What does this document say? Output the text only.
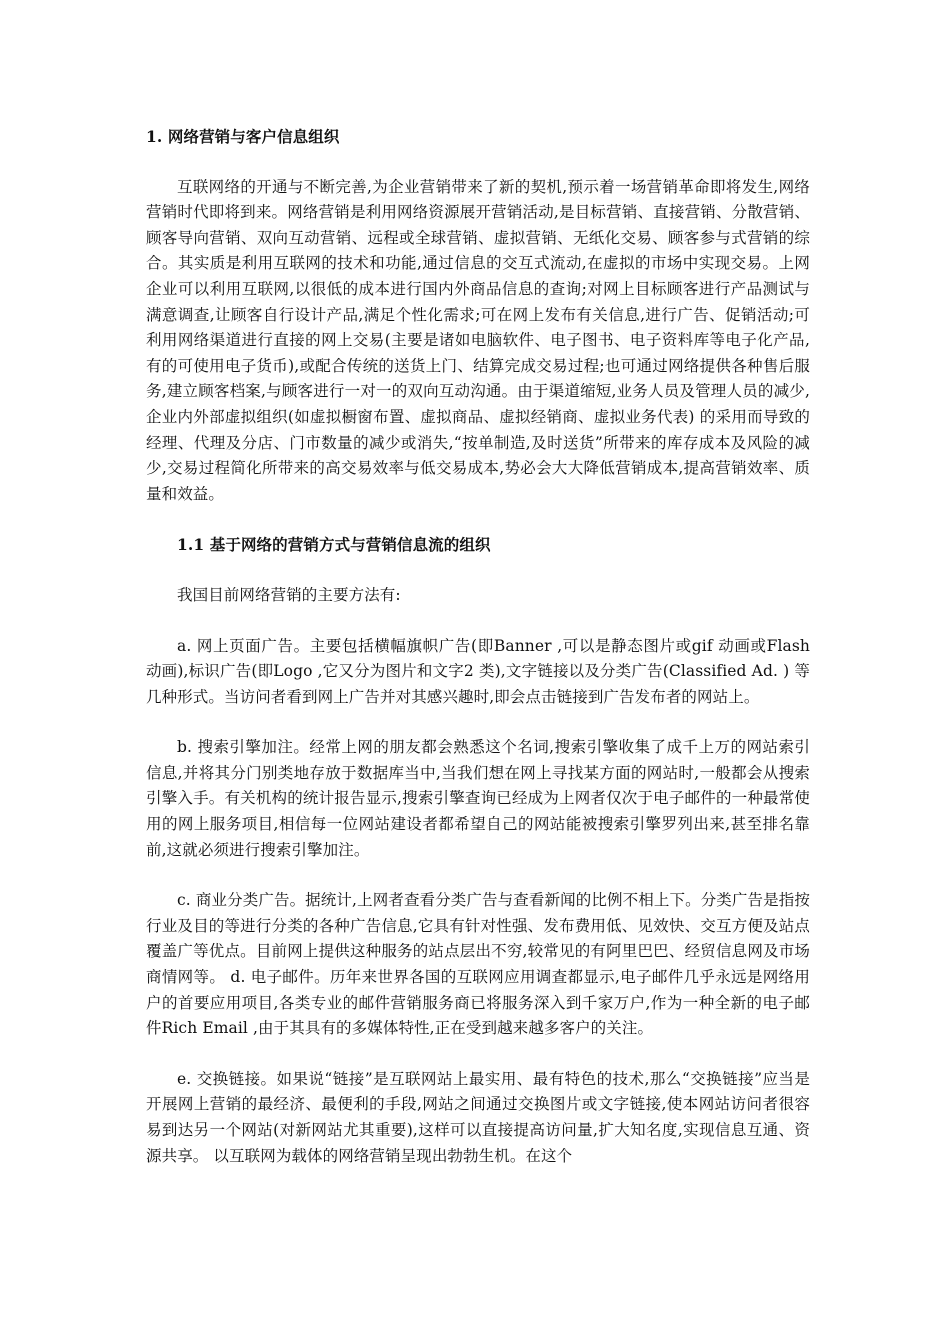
1. 网络营销与客户信息组织

互联网络的开通与不断完善,为企业营销带来了新的契机,预示着一场营销革命即将发生,网络营销时代即将到来。网络营销是利用网络资源展开营销活动,是目标营销、直接营销、分散营销、顾客导向营销、双向互动营销、远程或全球营销、虚拟营销、无纸化交易、顾客参与式营销的综合。其实质是利用互联网的技术和功能,通过信息的交互式流动,在虚拟的市场中实现交易。上网企业可以利用互联网,以很低的成本进行国内外商品信息的查询;对网上目标顾客进行产品测试与满意调查,让顾客自行设计产品,满足个性化需求;可在网上发布有关信息,进行广告、促销活动;可利用网络渠道进行直接的网上交易(主要是诸如电脑软件、电子图书、电子资料库等电子化产品,有的可使用电子货币),或配合传统的送货上门、结算完成交易过程;也可通过网络提供各种售后服务,建立顾客档案,与顾客进行一对一的双向互动沟通。由于渠道缩短,业务人员及管理人员的减少,企业内外部虚拟组织(如虚拟橱窗布置、虚拟商品、虚拟经销商、虚拟业务代表) 的采用而导致的经理、代理及分店、门市数量的减少或消失,“按单制造,及时送货”所带来的库存成本及风险的减少,交易过程简化所带来的高交易效率与低交易成本,势必会大大降低营销成本,提高营销效率、质量和效益。

1.1 基于网络的营销方式与营销信息流的组织

我国目前网络营销的主要方法有:

a. 网上页面广告。主要包括横幅旗帜广告(即Banner ,可以是静态图片或gif 动画或Flash 动画),标识广告(即Logo ,它又分为图片和文字2 类),文字链接以及分类广告(Classified Ad. ) 等几种形式。当访问者看到网上广告并对其感兴趣时,即会点击链接到广告发布者的网站上。

b. 搜索引擎加注。经常上网的朋友都会熟悉这个名词,搜索引擎收集了成千上万的网站索引信息,并将其分门别类地存放于数据库当中,当我们想在网上寻找某方面的网站时,一般都会从搜索引擎入手。有关机构的统计报告显示,搜索引擎查询已经成为上网者仅次于电子邮件的一种最常使用的网上服务项目,相信每一位网站建设者都希望自己的网站能被搜索引擎罗列出来,甚至排名靠前,这就必须进行搜索引擎加注。

c. 商业分类广告。据统计,上网者查看分类广告与查看新闻的比例不相上下。分类广告是指按行业及目的等进行分类的各种广告信息,它具有针对性强、发布费用低、见效快、交互方便及站点覆盖广等优点。目前网上提供这种服务的站点层出不穷,较常见的有阿里巴巴、经贸信息网及市场商情网等。 d. 电子邮件。历年来世界各国的互联网应用调查都显示,电子邮件几乎永远是网络用户的首要应用项目,各类专业的邮件营销服务商已将服务深入到千家万户,作为一种全新的电子邮件Rich Email ,由于其具有的多媒体特性,正在受到越来越多客户的关注。

e. 交换链接。如果说“链接”是互联网站上最实用、最有特色的技术,那么“交换链接”应当是开展网上营销的最经济、最便利的手段,网站之间通过交换图片或文字链接,使本网站访问者很容易到达另一个网站(对新网站尤其重要),这样可以直接提高访问量,扩大知名度,实现信息互通、资源共享。 以互联网为载体的网络营销呈现出勃勃生机。在这个
